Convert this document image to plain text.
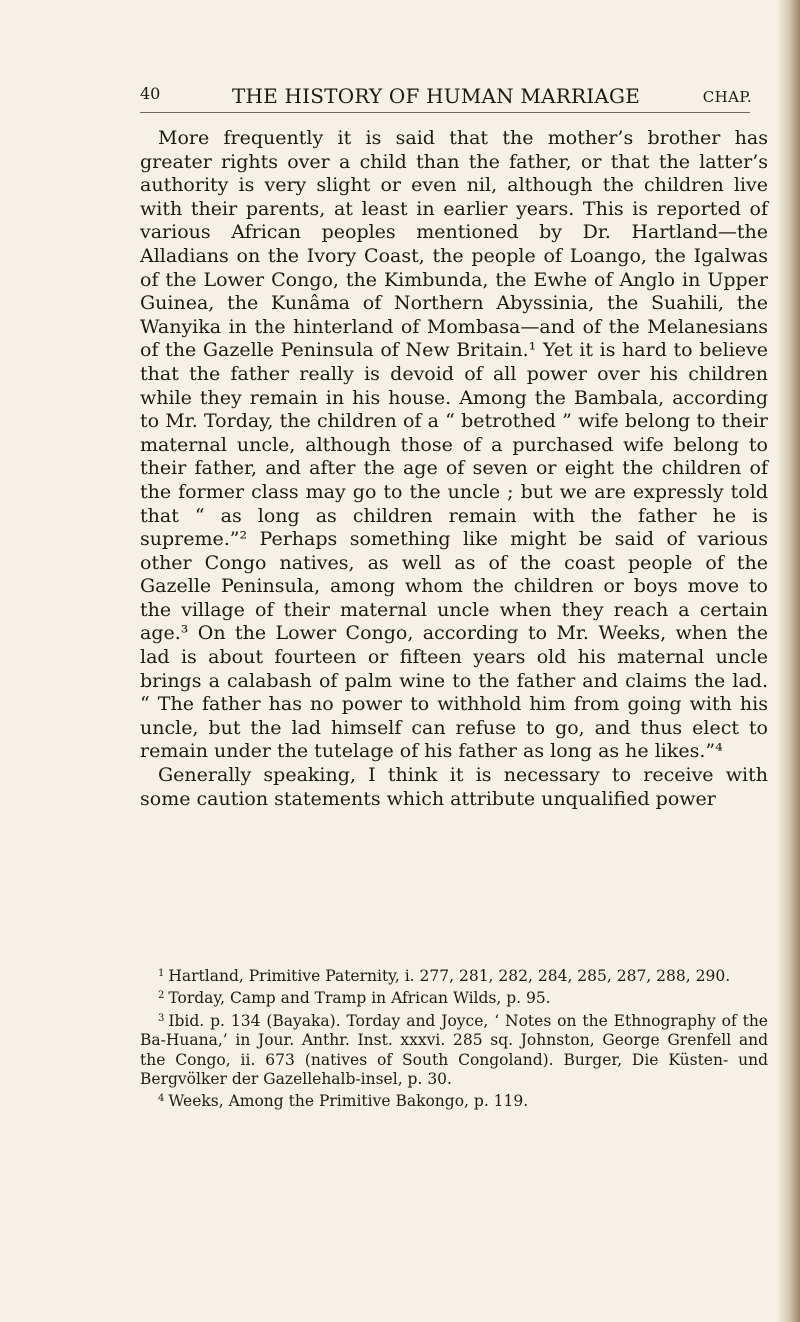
40	THE HISTORY OF HUMAN MARRIAGE	CHAP.

More frequently it is said that the mother’s brother has greater rights over a child than the father, or that the latter’s authority is very slight or even nil, although the children live with their parents, at least in earlier years. This is reported of various African peoples mentioned by Dr. Hartland—the Alladians on the Ivory Coast, the people of Loango, the Igalwas of the Lower Congo, the Kimbunda, the Ewhe of Anglo in Upper Guinea, the Kunâma of Northern Abyssinia, the Suahili, the Wanyika in the hinterland of Mombasa—and of the Melanesians of the Gazelle Peninsula of New Britain.¹ Yet it is hard to believe that the father really is devoid of all power over his children while they remain in his house. Among the Bambala, according to Mr. Torday, the children of a “ betrothed ” wife belong to their maternal uncle, although those of a purchased wife belong to their father, and after the age of seven or eight the children of the former class may go to the uncle ; but we are expressly told that “ as long as children remain with the father he is supreme.”² Perhaps something like might be said of various other Congo natives, as well as of the coast people of the Gazelle Peninsula, among whom the children or boys move to the village of their maternal uncle when they reach a certain age.³ On the Lower Congo, according to Mr. Weeks, when the lad is about fourteen or fifteen years old his maternal uncle brings a calabash of palm wine to the father and claims the lad. “ The father has no power to withhold him from going with his uncle, but the lad himself can refuse to go, and thus elect to remain under the tutelage of his father as long as he likes.”⁴

Generally speaking, I think it is necessary to receive with some caution statements which attribute unqualified power

$^1$ Hartland, Primitive Paternity, i. 277, 281, 282, 284, 285, 287, 288, 290.

$^2$ Torday, Camp and Tramp in African Wilds, p. 95.

$^3$ Ibid. p. 134 (Bayaka). Torday and Joyce, ‘ Notes on the Ethnography of the Ba-Huana,’ in Jour. Anthr. Inst. xxxvi. 285 sq. Johnston, George Grenfell and the Congo, ii. 673 (natives of South Congoland). Burger, Die Küsten- und Bergvölker der Gazellehalb-insel, p. 30.

$^4$ Weeks, Among the Primitive Bakongo, p. 119.
